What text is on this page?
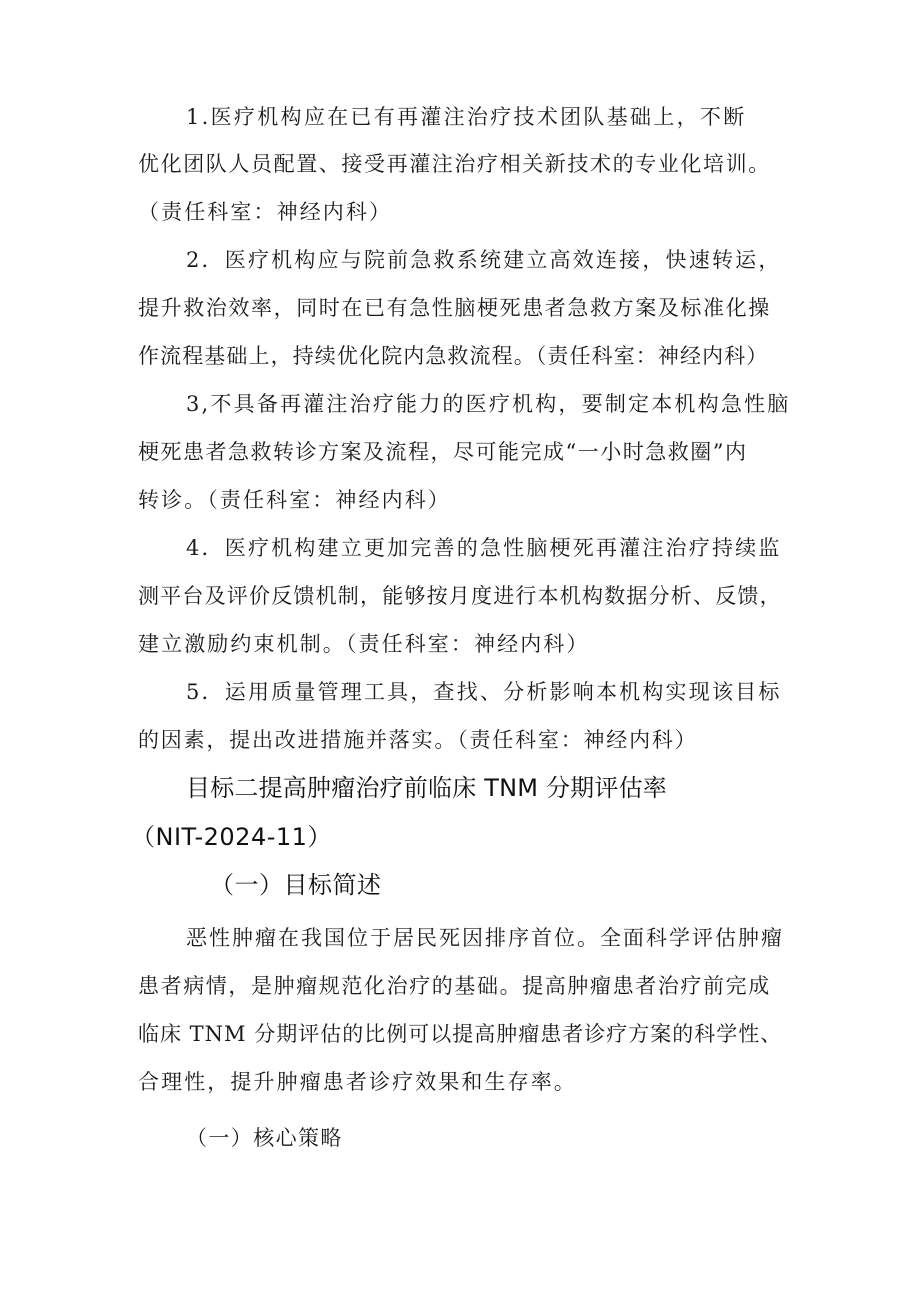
1.医疗机构应在已有再灌注治疗技术团队基础上，不断
优化团队人员配置、接受再灌注治疗相关新技术的专业化培训。
（责任科室：神经内科）
2．医疗机构应与院前急救系统建立高效连接，快速转运，
提升救治效率，同时在已有急性脑梗死患者急救方案及标准化操
作流程基础上，持续优化院内急救流程。（责任科室：神经内科）
3,不具备再灌注治疗能力的医疗机构，要制定本机构急性脑
梗死患者急救转诊方案及流程，尽可能完成“一小时急救圈”内
转诊。（责任科室：神经内科）
4．医疗机构建立更加完善的急性脑梗死再灌注治疗持续监
测平台及评价反馈机制，能够按月度进行本机构数据分析、反馈，
建立激励约束机制。（责任科室：神经内科）
5．运用质量管理工具，查找、分析影响本机构实现该目标
的因素，提出改进措施并落实。（责任科室：神经内科）
目标二提高肿瘤治疗前临床 TNM 分期评估率
（NIT-2024-11）
（一）目标简述
恶性肿瘤在我国位于居民死因排序首位。全面科学评估肿瘤
患者病情，是肿瘤规范化治疗的基础。提高肿瘤患者治疗前完成
临床 TNM 分期评估的比例可以提高肿瘤患者诊疗方案的科学性、
合理性，提升肿瘤患者诊疗效果和生存率。
（一）核心策略
